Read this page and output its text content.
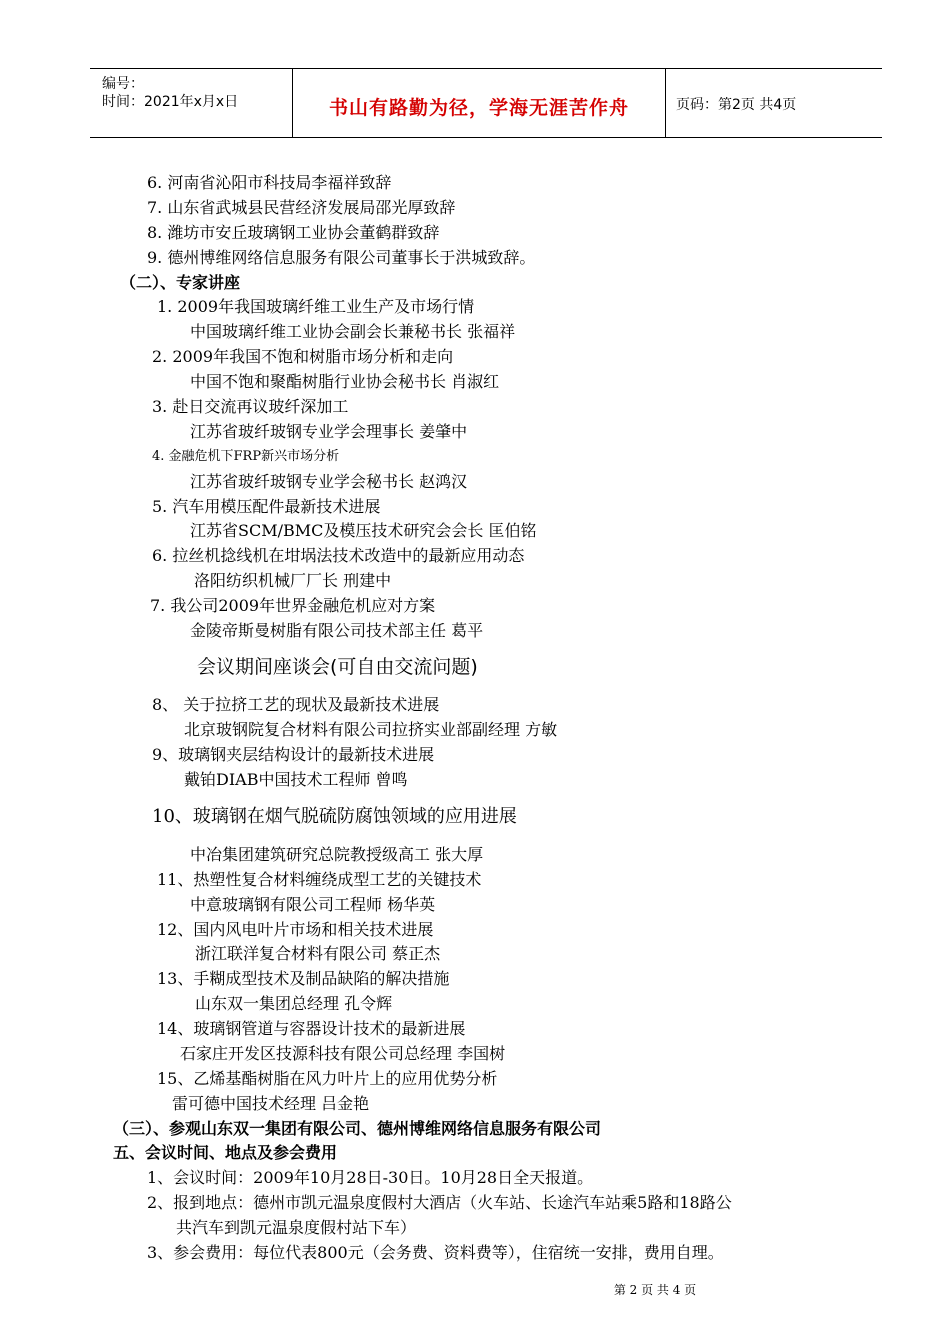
编号：
时间：2021年x月x日	书山有路勤为径，学海无涯苦作舟	页码：第2页 共4页
6. 河南省沁阳市科技局李福祥致辞
7. 山东省武城县民营经济发展局邵光厚致辞
8. 潍坊市安丘玻璃钢工业协会董鹤群致辞
9. 德州博维网络信息服务有限公司董事长于洪城致辞。
（二）、专家讲座
1. 2009年我国玻璃纤维工业生产及市场行情
中国玻璃纤维工业协会副会长兼秘书长 张福祥
2. 2009年我国不饱和树脂市场分析和走向
中国不饱和聚酯树脂行业协会秘书长 肖淑红
3. 赴日交流再议玻纤深加工
江苏省玻纤玻钢专业学会理事长 姜肇中
4. 金融危机下FRP新兴市场分析
江苏省玻纤玻钢专业学会秘书长 赵鸿汉
5. 汽车用模压配件最新技术进展
江苏省SCM/BMC及模压技术研究会会长 匡伯铭
6. 拉丝机捻线机在坩埚法技术改造中的最新应用动态
洛阳纺织机械厂厂长 刑建中
7. 我公司2009年世界金融危机应对方案
金陵帝斯曼树脂有限公司技术部主任 葛平
会议期间座谈会(可自由交流问题)
8、 关于拉挤工艺的现状及最新技术进展
北京玻钢院复合材料有限公司拉挤实业部副经理 方敏
9、玻璃钢夹层结构设计的最新技术进展
戴铂DIAB中国技术工程师 曾鸣
10、玻璃钢在烟气脱硫防腐蚀领域的应用进展
中冶集团建筑研究总院教授级高工 张大厚
11、热塑性复合材料缠绕成型工艺的关键技术
中意玻璃钢有限公司工程师 杨华英
12、国内风电叶片市场和相关技术进展
浙江联洋复合材料有限公司 蔡正杰
13、手糊成型技术及制品缺陷的解决措施
山东双一集团总经理 孔令辉
14、玻璃钢管道与容器设计技术的最新进展
石家庄开发区技源科技有限公司总经理 李国树
15、乙烯基酯树脂在风力叶片上的应用优势分析
雷可德中国技术经理 吕金艳
（三）、参观山东双一集团有限公司、德州博维网络信息服务有限公司
五、会议时间、地点及参会费用
1、会议时间：2009年10月28日-30日。10月28日全天报道。
2、报到地点：德州市凯元温泉度假村大酒店（火车站、长途汽车站乘5路和18路公
共汽车到凯元温泉度假村站下车）
3、参会费用：每位代表800元（会务费、资料费等），住宿统一安排，费用自理。
第 2 页 共 4 页
